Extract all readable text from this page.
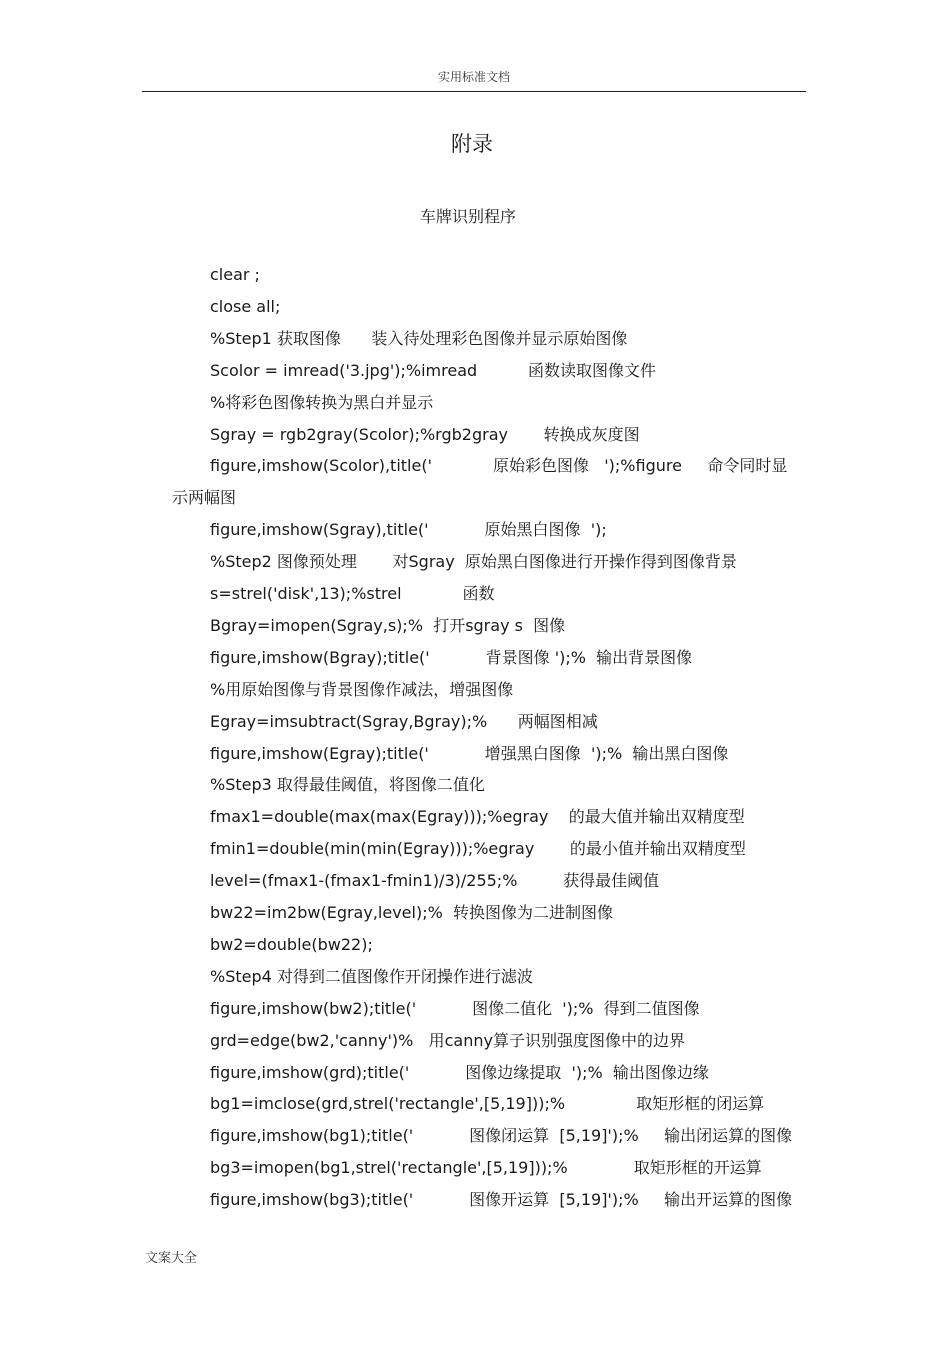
实用标准文档
附录
车牌识别程序
clear ;
close all;
%Step1 获取图像      装入待处理彩色图像并显示原始图像
Scolor = imread('3.jpg');%imread          函数读取图像文件
%将彩色图像转换为黑白并显示
Sgray = rgb2gray(Scolor);%rgb2gray       转换成灰度图
figure,imshow(Scolor),title('            原始彩色图像   ');%figure     命令同时显
示两幅图
figure,imshow(Sgray),title('           原始黑白图像  ');
%Step2 图像预处理       对Sgray  原始黑白图像进行开操作得到图像背景
s=strel('disk',13);%strel            函数
Bgray=imopen(Sgray,s);%  打开sgray s  图像
figure,imshow(Bgray);title('           背景图像 ');%  输出背景图像
%用原始图像与背景图像作减法，增强图像
Egray=imsubtract(Sgray,Bgray);%      两幅图相减
figure,imshow(Egray);title('           增强黑白图像  ');%  输出黑白图像
%Step3 取得最佳阈值，将图像二值化
fmax1=double(max(max(Egray)));%egray    的最大值并输出双精度型
fmin1=double(min(min(Egray)));%egray       的最小值并输出双精度型
level=(fmax1-(fmax1-fmin1)/3)/255;%         获得最佳阈值
bw22=im2bw(Egray,level);%  转换图像为二进制图像
bw2=double(bw22);
%Step4 对得到二值图像作开闭操作进行滤波
figure,imshow(bw2);title('           图像二值化  ');%  得到二值图像
grd=edge(bw2,'canny')%   用canny算子识别强度图像中的边界
figure,imshow(grd);title('           图像边缘提取  ');%  输出图像边缘
bg1=imclose(grd,strel('rectangle',[5,19]));%              取矩形框的闭运算
figure,imshow(bg1);title('           图像闭运算  [5,19]');%     输出闭运算的图像
bg3=imopen(bg1,strel('rectangle',[5,19]));%             取矩形框的开运算
figure,imshow(bg3);title('           图像开运算  [5,19]');%     输出开运算的图像
文案大全
